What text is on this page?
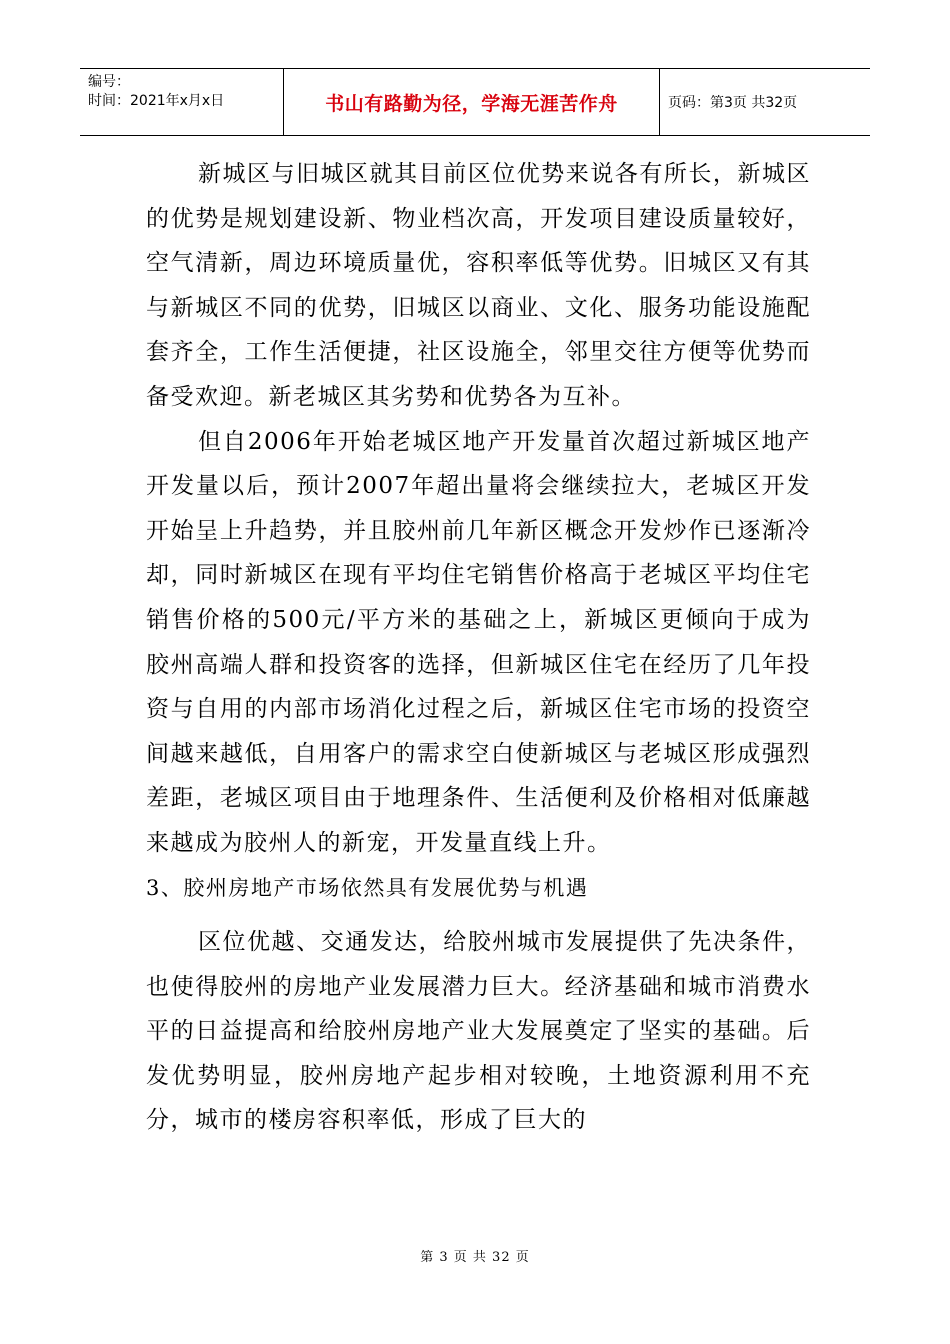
编号：
时间：2021年x月x日	书山有路勤为径，学海无涯苦作舟	页码：第3页 共32页

新城区与旧城区就其目前区位优势来说各有所长，新城区的优势是规划建设新、物业档次高，开发项目建设质量较好，空气清新，周边环境质量优，容积率低等优势。旧城区又有其与新城区不同的优势，旧城区以商业、文化、服务功能设施配套齐全，工作生活便捷，社区设施全，邻里交往方便等优势而备受欢迎。新老城区其劣势和优势各为互补。

但自2006年开始老城区地产开发量首次超过新城区地产开发量以后，预计2007年超出量将会继续拉大，老城区开发开始呈上升趋势，并且胶州前几年新区概念开发炒作已逐渐冷却，同时新城区在现有平均住宅销售价格高于老城区平均住宅销售价格的500元/平方米的基础之上，新城区更倾向于成为胶州高端人群和投资客的选择，但新城区住宅在经历了几年投资与自用的内部市场消化过程之后，新城区住宅市场的投资空间越来越低，自用客户的需求空白使新城区与老城区形成强烈差距，老城区项目由于地理条件、生活便利及价格相对低廉越来越成为胶州人的新宠，开发量直线上升。

3、胶州房地产市场依然具有发展优势与机遇

区位优越、交通发达，给胶州城市发展提供了先决条件，也使得胶州的房地产业发展潜力巨大。经济基础和城市消费水平的日益提高和给胶州房地产业大发展奠定了坚实的基础。后发优势明显，胶州房地产起步相对较晚，土地资源利用不充分，城市的楼房容积率低，形成了巨大的

第 3 页 共 32 页
